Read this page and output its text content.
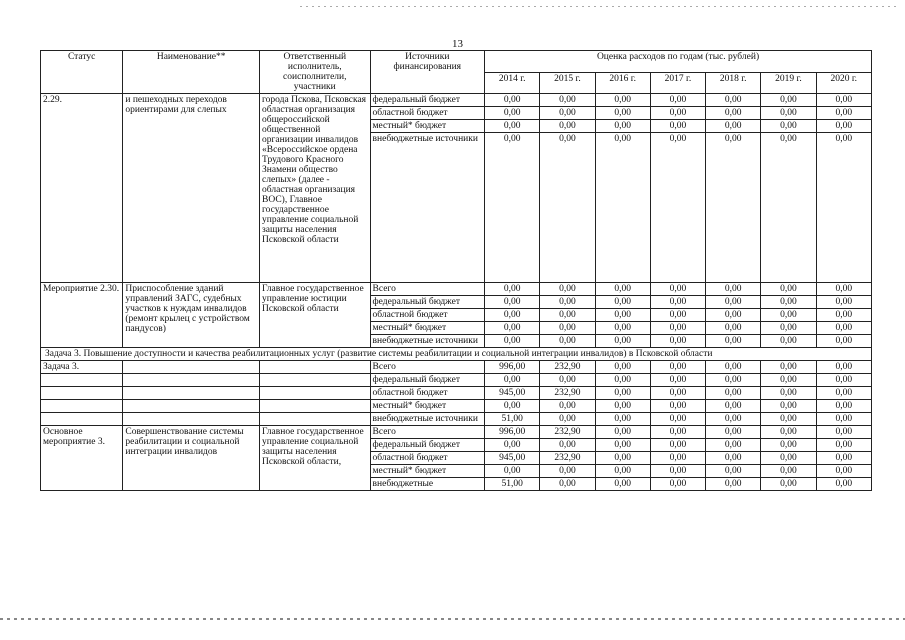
13
Статус	Наименование**	Ответственный исполнитель, соисполнители, участники	Источники финансирования	Оценка расходов по годам (тыс. рублей)						
				2014 г.	2015 г.	2016 г.	2017 г.	2018 г.	2019 г.	2020 г.
2.29.	и пешеходных переходов ориентирами для слепых	города Пскова, Псковская областная организация общероссийской общественной организации инвалидов «Всероссийское ордена Трудового Красного Знамени общество слепых» (далее - областная организация ВОС), Главное государственное управление социальной защиты населения Псковской области	федеральный бюджет	0,00	0,00	0,00	0,00	0,00	0,00	0,00
			областной бюджет	0,00	0,00	0,00	0,00	0,00	0,00	0,00
			местный* бюджет	0,00	0,00	0,00	0,00	0,00	0,00	0,00
			внебюджетные источники	0,00	0,00	0,00	0,00	0,00	0,00	0,00
Мероприятие 2.30.	Приспособление зданий управлений ЗАГС, судебных участков к нуждам инвалидов (ремонт крылец с устройством пандусов)	Главное государственное управление юстиции Псковской области	Всего	0,00	0,00	0,00	0,00	0,00	0,00	0,00
			федеральный бюджет	0,00	0,00	0,00	0,00	0,00	0,00	0,00
			областной бюджет	0,00	0,00	0,00	0,00	0,00	0,00	0,00
			местный* бюджет	0,00	0,00	0,00	0,00	0,00	0,00	0,00
			внебюджетные источники	0,00	0,00	0,00	0,00	0,00	0,00	0,00
Задача 3. Повышение доступности и качества реабилитационных услуг (развитие системы реабилитации и социальной интеграции инвалидов) в Псковской области										
Задача 3.			Всего	996,00	232,90	0,00	0,00	0,00	0,00	0,00
			федеральный бюджет	0,00	0,00	0,00	0,00	0,00	0,00	0,00
			областной бюджет	945,00	232,90	0,00	0,00	0,00	0,00	0,00
			местный* бюджет	0,00	0,00	0,00	0,00	0,00	0,00	0,00
			внебюджетные источники	51,00	0,00	0,00	0,00	0,00	0,00	0,00
Основное мероприятие 3.	Совершенствование системы реабилитации и социальной интеграции инвалидов	Главное государственное управление социальной защиты населения Псковской области,	Всего	996,00	232,90	0,00	0,00	0,00	0,00	0,00
			федеральный бюджет	0,00	0,00	0,00	0,00	0,00	0,00	0,00
			областной бюджет	945,00	232,90	0,00	0,00	0,00	0,00	0,00
			местный* бюджет	0,00	0,00	0,00	0,00	0,00	0,00	0,00
			внебюджетные	51,00	0,00	0,00	0,00	0,00	0,00	0,00
